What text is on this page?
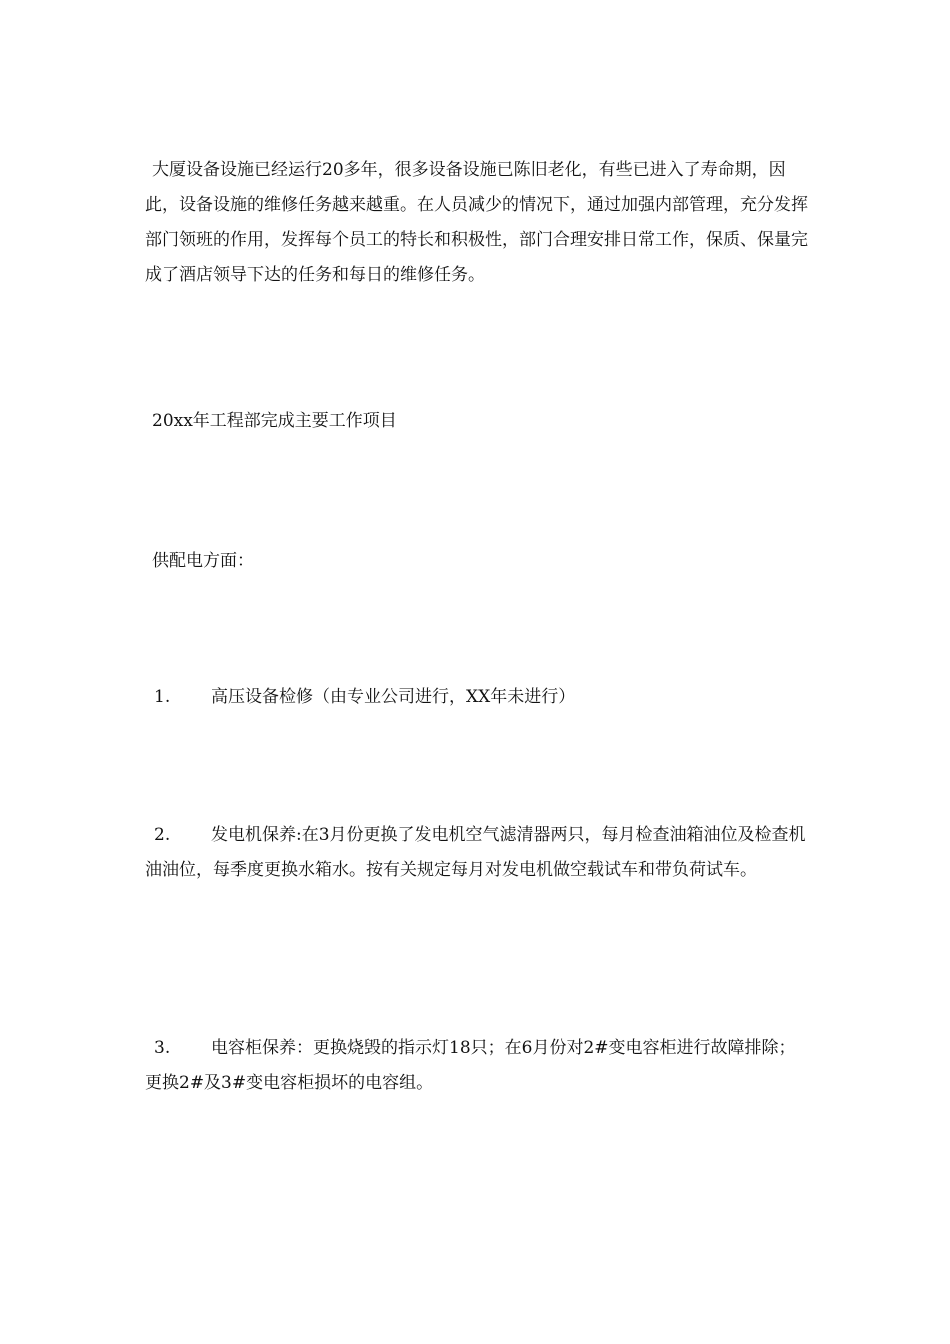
大厦设备设施已经运行20多年，很多设备设施已陈旧老化，有些已进入了寿命期，因此，设备设施的维修任务越来越重。在人员减少的情况下，通过加强内部管理，充分发挥部门领班的作用，发挥每个员工的特长和积极性，部门合理安排日常工作，保质、保量完成了酒店领导下达的任务和每日的维修任务。

20xx年工程部完成主要工作项目

供配电方面：

1. 高压设备检修（由专业公司进行，XX年未进行）

2. 发电机保养:在3月份更换了发电机空气滤清器两只，每月检查油箱油位及检查机油油位，每季度更换水箱水。按有关规定每月对发电机做空载试车和带负荷试车。

3. 电容柜保养：更换烧毁的指示灯18只；在6月份对2#变电容柜进行故障排除；更换2#及3#变电容柜损坏的电容组。
